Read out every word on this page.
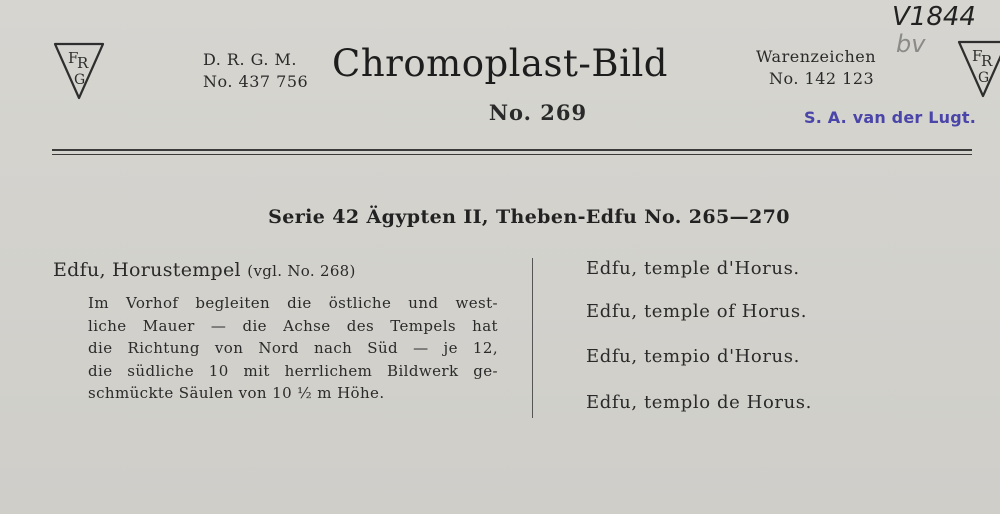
F
R
G
F
R
G
D. R. G. M.
No. 437 756 Chromoplast-Bild
No. 269
Warenzeichen
No. 142 123
V1844
bv
S. A. van der Lugt.
Serie 42 Ägypten II, Theben-Edfu No. 265—270
Edfu, Horustempel (vgl. No. 268)
Im Vorhof begleiten die östliche und west-
liche Mauer — die Achse des Tempels hat
die Richtung von Nord nach Süd — je 12,
die südliche 10 mit herrlichem Bildwerk ge-
schmückte Säulen von 10 ½ m Höhe.
Edfu, temple d'Horus.
Edfu, temple of Horus.
Edfu, tempio d'Horus.
Edfu, templo de Horus.
